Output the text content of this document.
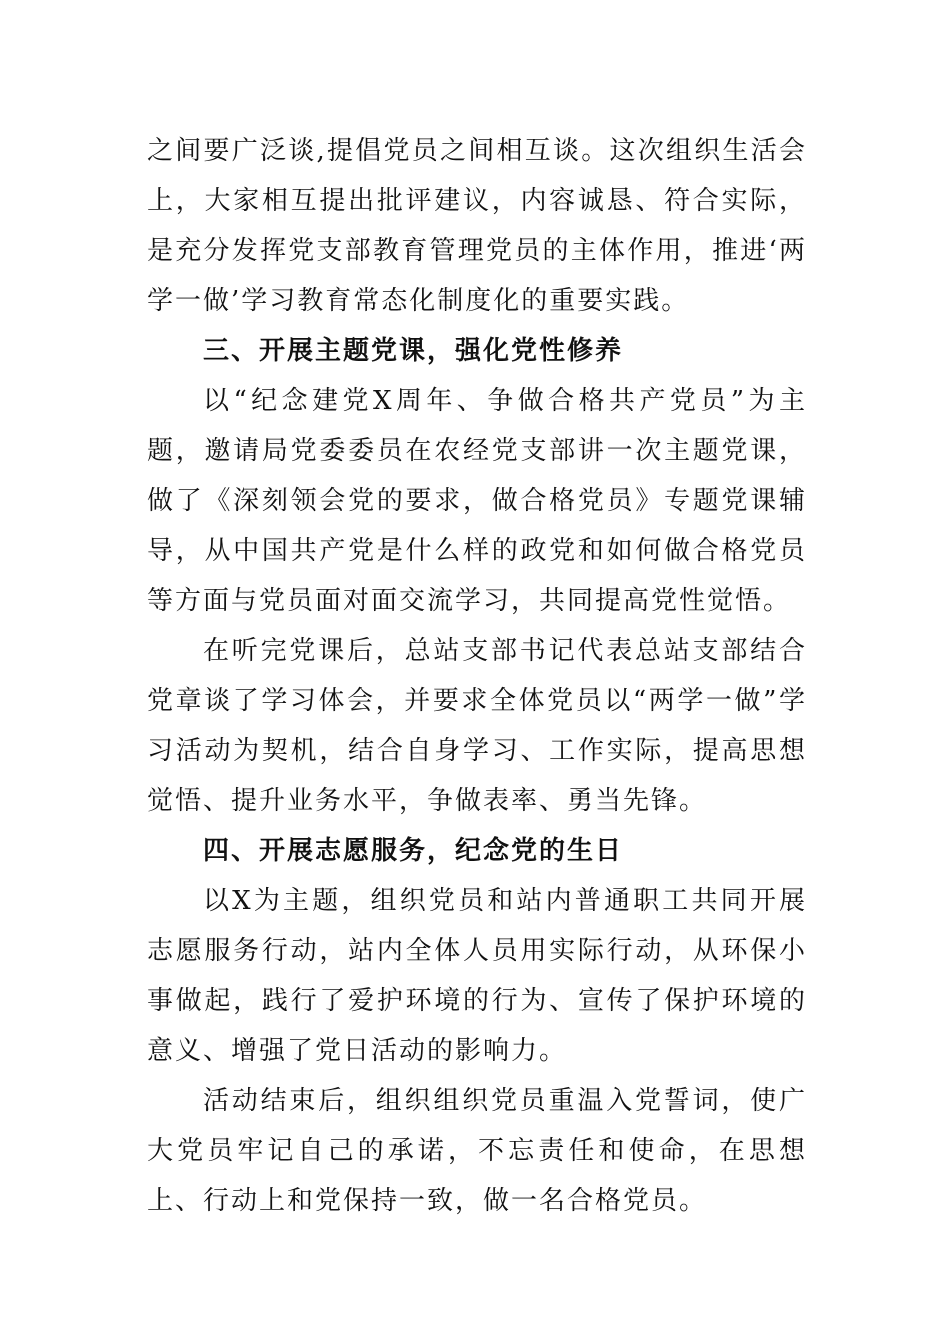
之间要广泛谈,提倡党员之间相互谈。这次组织生活会上，大家相互提出批评建议，内容诚恳、符合实际，是充分发挥党支部教育管理党员的主体作用，推进‘两学一做’学习教育常态化制度化的重要实践。

三、开展主题党课，强化党性修养

以“纪念建党X周年、争做合格共产党员”为主题，邀请局党委委员在农经党支部讲一次主题党课，做了《深刻领会党的要求，做合格党员》专题党课辅导，从中国共产党是什么样的政党和如何做合格党员等方面与党员面对面交流学习，共同提高党性觉悟。

在听完党课后，总站支部书记代表总站支部结合党章谈了学习体会，并要求全体党员以“两学一做”学习活动为契机，结合自身学习、工作实际，提高思想觉悟、提升业务水平，争做表率、勇当先锋。

四、开展志愿服务，纪念党的生日

以X为主题，组织党员和站内普通职工共同开展志愿服务行动，站内全体人员用实际行动，从环保小事做起，践行了爱护环境的行为、宣传了保护环境的意义、增强了党日活动的影响力。

活动结束后，组织组织党员重温入党誓词，使广大党员牢记自己的承诺，不忘责任和使命，在思想上、行动上和党保持一致，做一名合格党员。
